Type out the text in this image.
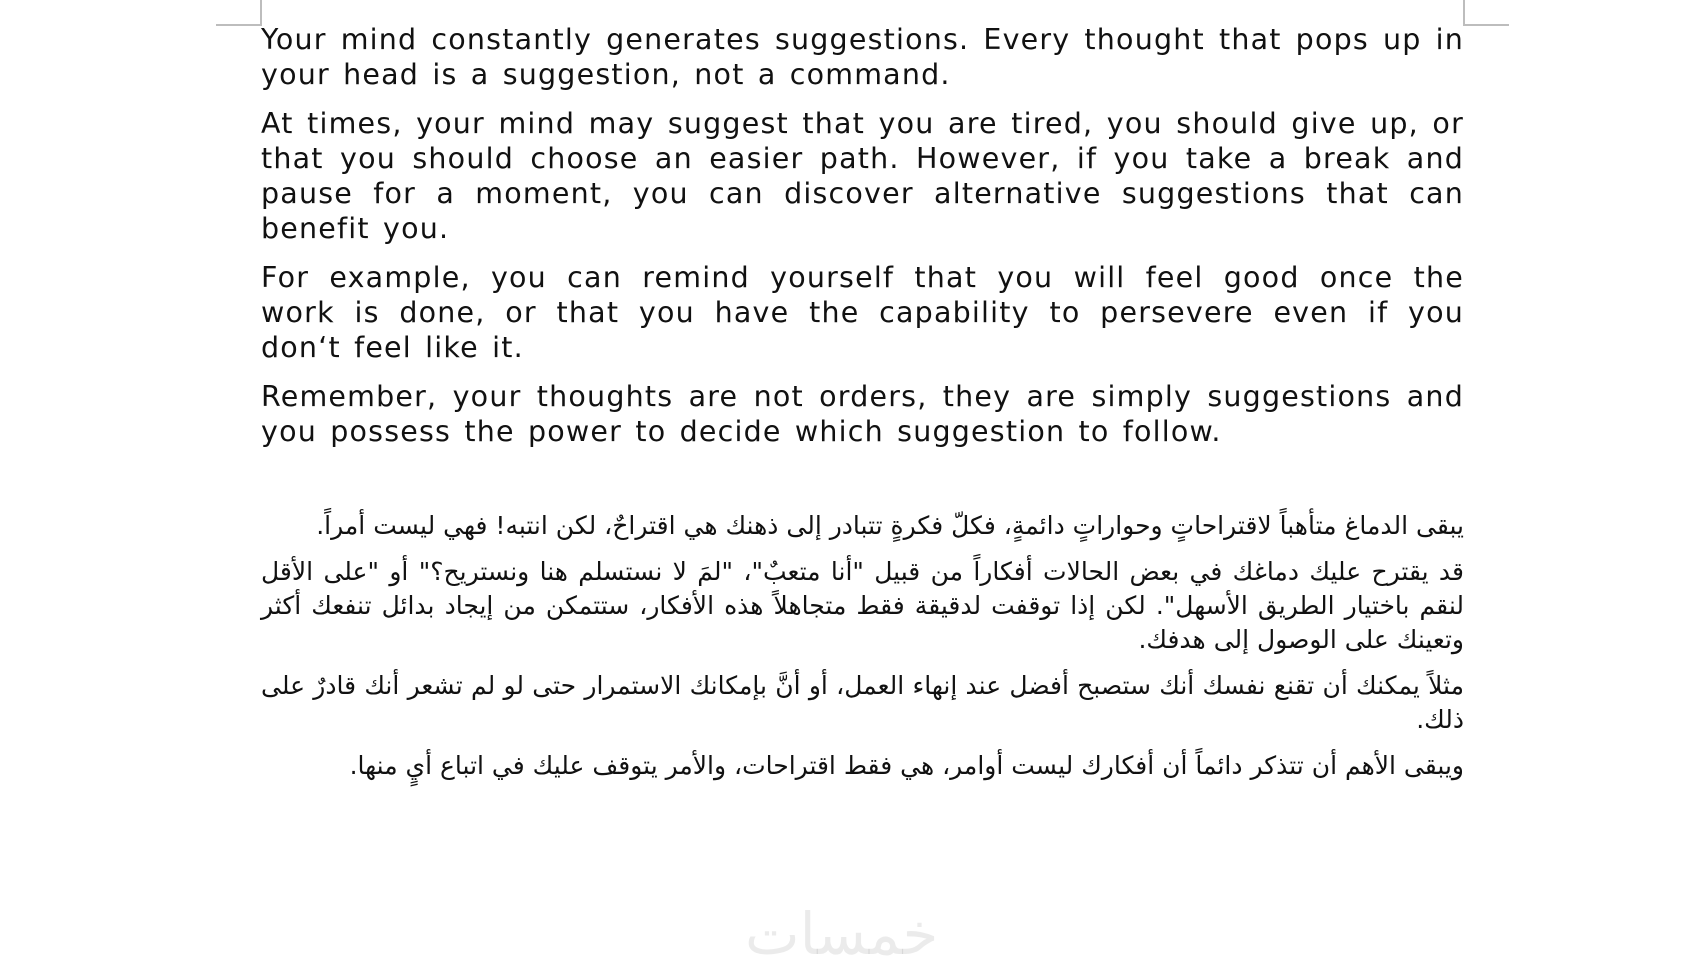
Your mind constantly generates suggestions. Every thought that pops up in your head is a suggestion, not a command.

At times, your mind may suggest that you are tired, you should give up, or that you should choose an easier path. However, if you take a break and pause for a moment, you can discover alternative suggestions that can benefit you.

For example, you can remind yourself that you will feel good once the work is done, or that you have the capability to persevere even if you don‘t feel like it.

Remember, your thoughts are not orders, they are simply suggestions and you possess the power to decide which suggestion to follow.

يبقى الدماغ متأهباً لاقتراحاتٍ وحواراتٍ دائمةٍ، فكلّ فكرةٍ تتبادر إلى ذهنك هي اقتراحٌ، لكن انتبه! فهي ليست أمراً.

قد يقترح عليك دماغك في بعض الحالات أفكاراً من قبيل "أنا متعبٌ"، "لمَ لا نستسلم هنا ونستريح؟" أو "على الأقل لنقم باختيار الطريق الأسهل". لكن إذا توقفت لدقيقة فقط متجاهلاً هذه الأفكار، ستتمكن من إيجاد بدائل تنفعك أكثر وتعينك على الوصول إلى هدفك.

مثلاً يمكنك أن تقنع نفسك أنك ستصبح أفضل عند إنهاء العمل، أو أنَّ بإمكانك الاستمرار حتى لو لم تشعر أنك قادرٌ على ذلك.

ويبقى الأهم أن تتذكر دائماً أن أفكارك ليست أوامر، هي فقط اقتراحات، والأمر يتوقف عليك في اتباع أيٍ منها.

خمسات
